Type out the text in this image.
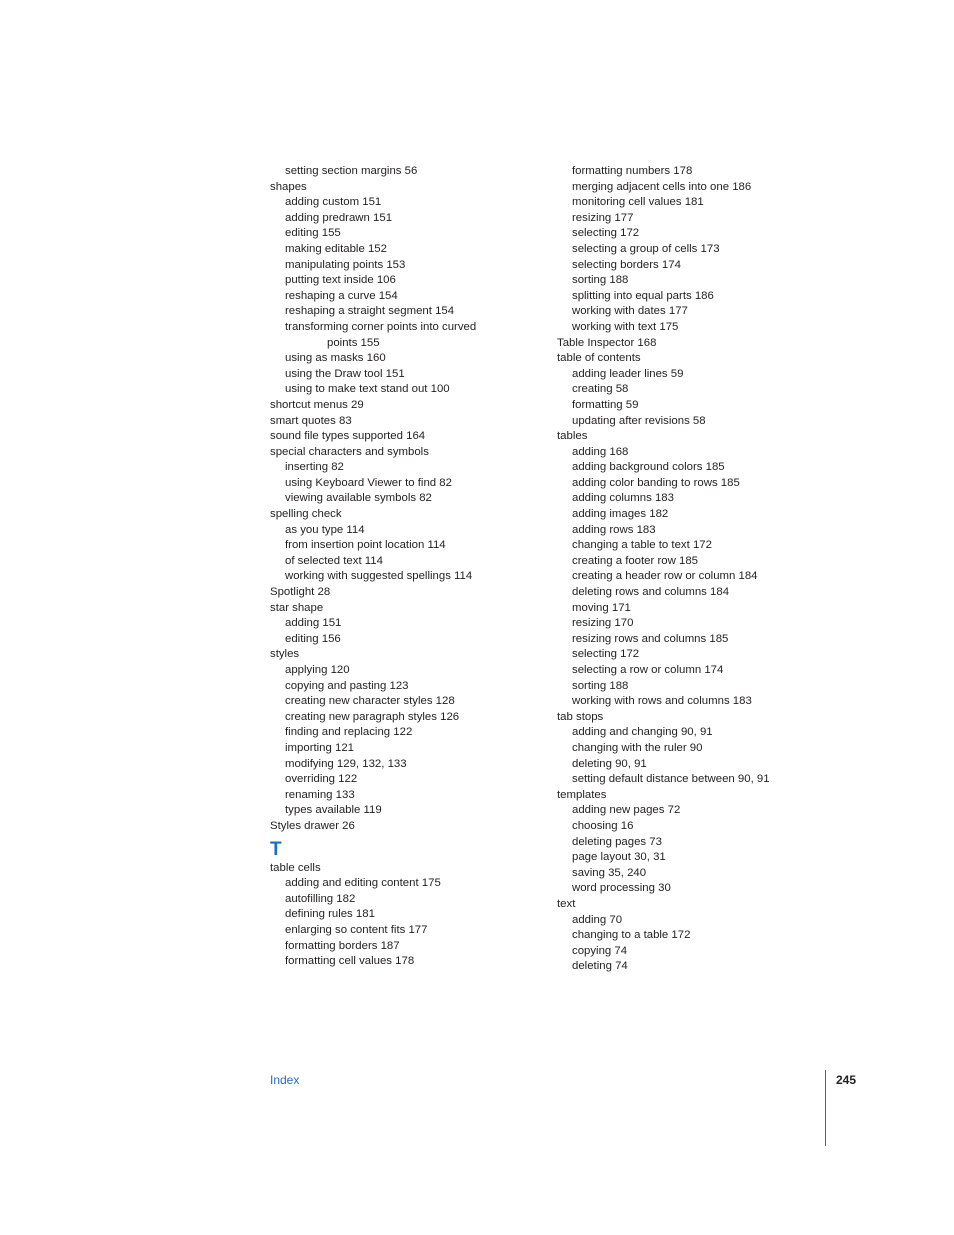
setting section margins 56
shapes
adding custom 151
adding predrawn 151
editing 155
making editable 152
manipulating points 153
putting text inside 106
reshaping a curve 154
reshaping a straight segment 154
transforming corner points into curved
points 155
using as masks 160
using the Draw tool 151
using to make text stand out 100
shortcut menus 29
smart quotes 83
sound file types supported 164
special characters and symbols
inserting 82
using Keyboard Viewer to find 82
viewing available symbols 82
spelling check
as you type 114
from insertion point location 114
of selected text 114
working with suggested spellings 114
Spotlight 28
star shape
adding 151
editing 156
styles
applying 120
copying and pasting 123
creating new character styles 128
creating new paragraph styles 126
finding and replacing 122
importing 121
modifying 129, 132, 133
overriding 122
renaming 133
types available 119
Styles drawer 26
T
table cells
adding and editing content 175
autofilling 182
defining rules 181
enlarging so content fits 177
formatting borders 187
formatting cell values 178
formatting numbers 178
merging adjacent cells into one 186
monitoring cell values 181
resizing 177
selecting 172
selecting a group of cells 173
selecting borders 174
sorting 188
splitting into equal parts 186
working with dates 177
working with text 175
Table Inspector 168
table of contents
adding leader lines 59
creating 58
formatting 59
updating after revisions 58
tables
adding 168
adding background colors 185
adding color banding to rows 185
adding columns 183
adding images 182
adding rows 183
changing a table to text 172
creating a footer row 185
creating a header row or column 184
deleting rows and columns 184
moving 171
resizing 170
resizing rows and columns 185
selecting 172
selecting a row or column 174
sorting 188
working with rows and columns 183
tab stops
adding and changing 90, 91
changing with the ruler 90
deleting 90, 91
setting default distance between 90, 91
templates
adding new pages 72
choosing 16
deleting pages 73
page layout 30, 31
saving 35, 240
word processing 30
text
adding 70
changing to a table 172
copying 74
deleting 74
Index	245
